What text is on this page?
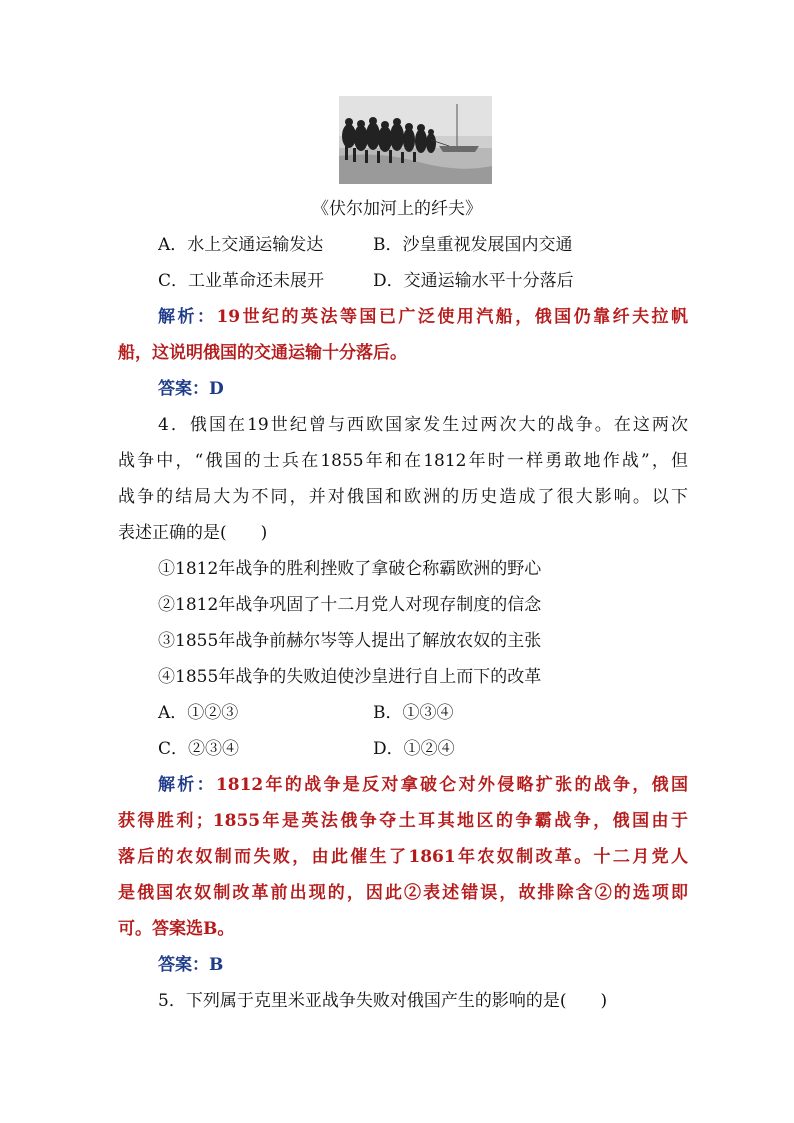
《伏尔加河上的纤夫》
A．水上交通运输发达	B．沙皇重视发展国内交通
C．工业革命还未展开	D．交通运输水平十分落后
解析：19世纪的英法等国已广泛使用汽船，俄国仍靠纤夫拉帆
船，这说明俄国的交通运输十分落后。
答案：D
4．俄国在19世纪曾与西欧国家发生过两次大的战争。在这两次
战争中，“俄国的士兵在1855年和在1812年时一样勇敢地作战”，但
战争的结局大为不同，并对俄国和欧洲的历史造成了很大影响。以下
表述正确的是(　　)
①1812年战争的胜利挫败了拿破仑称霸欧洲的野心
②1812年战争巩固了十二月党人对现存制度的信念
③1855年战争前赫尔岑等人提出了解放农奴的主张
④1855年战争的失败迫使沙皇进行自上而下的改革
A．①②③	B．①③④
C．②③④	D．①②④
解析：1812年的战争是反对拿破仑对外侵略扩张的战争，俄国
获得胜利；1855年是英法俄争夺土耳其地区的争霸战争，俄国由于
落后的农奴制而失败，由此催生了1861年农奴制改革。十二月党人
是俄国农奴制改革前出现的，因此②表述错误，故排除含②的选项即
可。答案选B。
答案：B
5．下列属于克里米亚战争失败对俄国产生的影响的是(　　)
